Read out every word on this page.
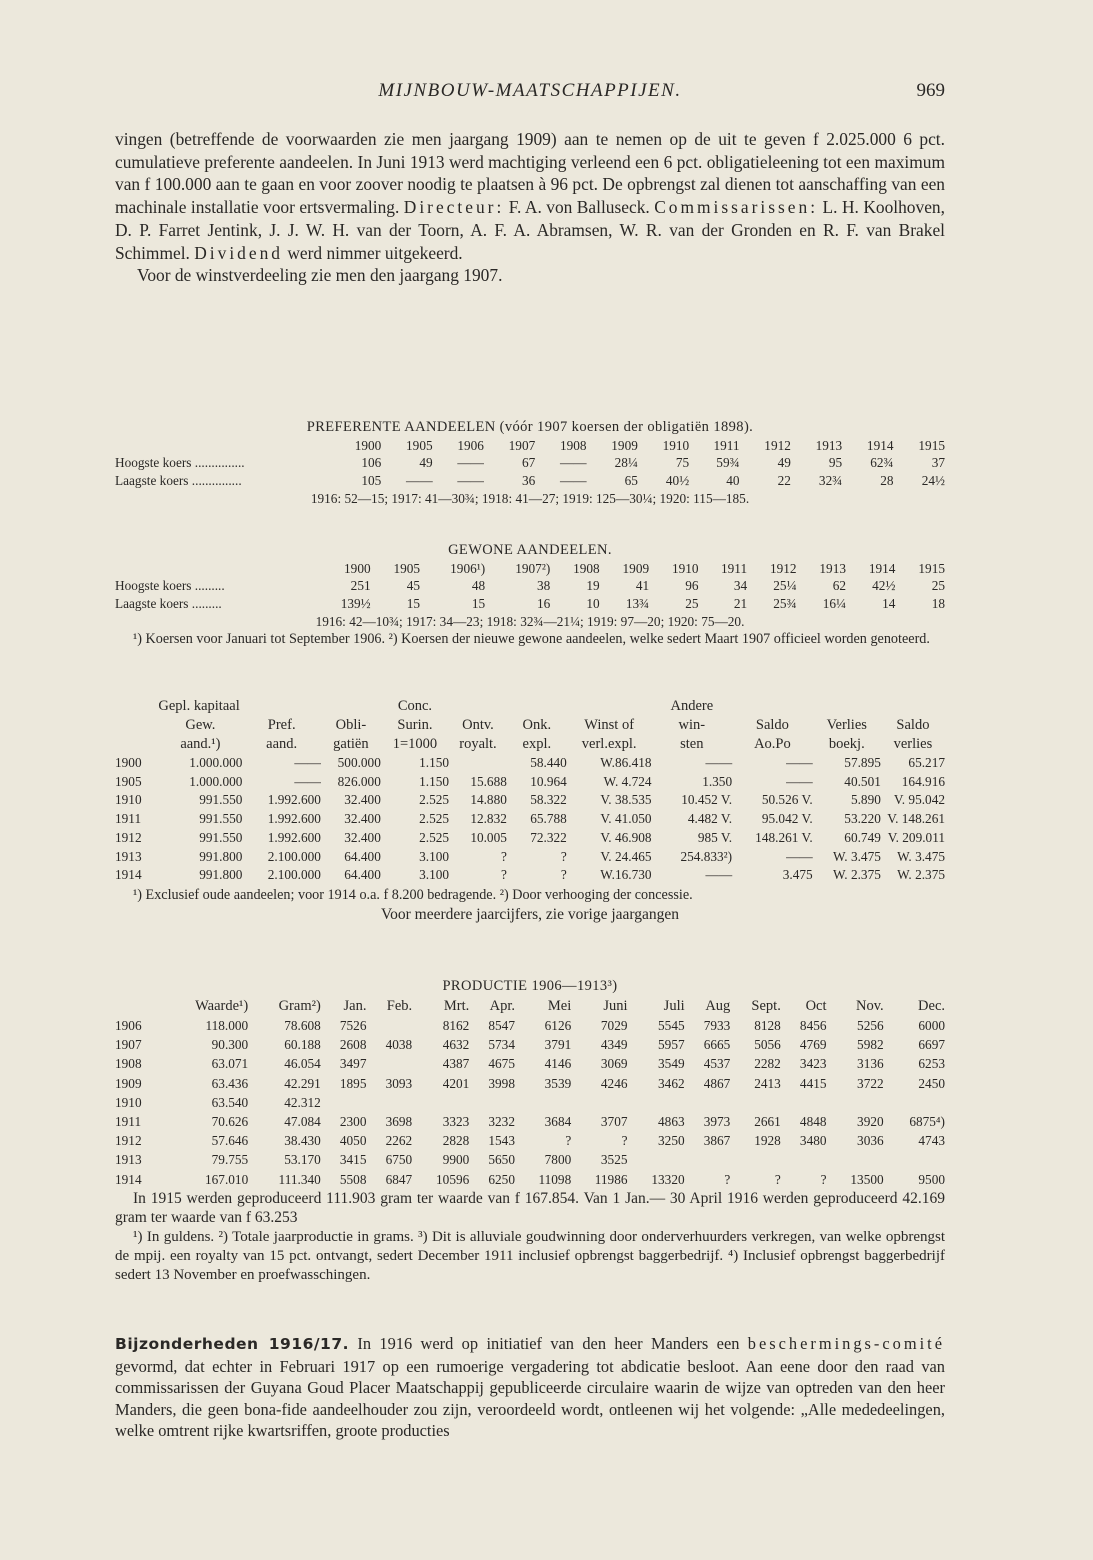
MIJNBOUW-MAATSCHAPPIJEN.	969

vingen (betreffende de voorwaarden zie men jaargang 1909) aan te nemen op de uit te geven f 2.025.000 6 pct. cumulatieve preferente aandeelen. In Juni 1913 werd machtiging verleend een 6 pct. obligatieleening tot een maximum van f 100.000 aan te gaan en voor zoover noodig te plaatsen à 96 pct. De opbrengst zal dienen tot aanschaffing van een machinale installatie voor ertsvermaling. Directeur: F. A. von Balluseck. Commissarissen: L. H. Koolhoven, D. P. Farret Jentink, J. J. W. H. van der Toorn, A. F. A. Abramsen, W. R. van der Gronden en R. F. van Brakel Schimmel. Dividend werd nimmer uitgekeerd.

Voor de winstverdeeling zie men den jaargang 1907.

PREFERENTE AANDEELEN (vóór 1907 koersen der obligatiën 1898).
	1900	1905	1906	1907	1908	1909	1910	1911	1912	1913	1914	1915
Hoogste koers ...............	106	49	——	67	——	28¼	75	59¾	49	95	62¾	37
Laagste koers ...............	105	——	——	36	——	65	40½	40	22	32¾	28	24½
1916: 52—15; 1917: 41—30¾; 1918: 41—27; 1919: 125—30¼; 1920: 115—185.
GEWONE AANDEELEN.
	1900	1905	1906¹)	1907²)	1908	1909	1910	1911	1912	1913	1914	1915
Hoogste koers .........	251	45	48	38	19	41	96	34	25¼	62	42½	25
Laagste koers .........	139½	15	15	16	10	13¾	25	21	25¾	16¼	14	18
1916: 42—10¾; 1917: 34—23; 1918: 32¾—21¼; 1919: 97—20; 1920: 75—20.
¹) Koersen voor Januari tot September 1906. ²) Koersen der nieuwe gewone aandeelen, welke sedert Maart 1907 officieel worden genoteerd.
	Gepl. kapitaal			Conc.				Andere			
	Gew.	Pref.	Obli-	Surin.	Ontv.	Onk.	Winst of	win-	Saldo	Verlies	Saldo
	aand.¹)	aand.	gatiën	1=1000	royalt.	expl.	verl.expl.	sten	Ao.Po	boekj.	verlies
1900	1.000.000	——	500.000	1.150		58.440	W.86.418	——	——	57.895	65.217
1905	1.000.000	——	826.000	1.150	15.688	10.964	W. 4.724	1.350	——	40.501	164.916
1910	991.550	1.992.600	32.400	2.525	14.880	58.322	V. 38.535	10.452 V.	50.526 V.	5.890	V. 95.042
1911	991.550	1.992.600	32.400	2.525	12.832	65.788	V. 41.050	4.482 V.	95.042 V.	53.220	V. 148.261
1912	991.550	1.992.600	32.400	2.525	10.005	72.322	V. 46.908	985 V.	148.261 V.	60.749	V. 209.011
1913	991.800	2.100.000	64.400	3.100	?	?	V. 24.465	254.833²)	——	W. 3.475	W. 3.475
1914	991.800	2.100.000	64.400	3.100	?	?	W.16.730	——	3.475	W. 2.375	W. 2.375
¹) Exclusief oude aandeelen; voor 1914 o.a. f 8.200 bedragende. ²) Door verhooging der concessie.
Voor meerdere jaarcijfers, zie vorige jaargangen
PRODUCTIE 1906—1913³)
	Waarde¹)	Gram²)	Jan.	Feb.	Mrt.	Apr.	Mei	Juni	Juli	Aug	Sept.	Oct	Nov.	Dec.
1906	118.000	78.608	7526		8162	8547	6126	7029	5545	7933	8128	8456	5256	6000
1907	90.300	60.188	2608	4038	4632	5734	3791	4349	5957	6665	5056	4769	5982	6697
1908	63.071	46.054	3497		4387	4675	4146	3069	3549	4537	2282	3423	3136	6253
1909	63.436	42.291	1895	3093	4201	3998	3539	4246	3462	4867	2413	4415	3722	2450
1910	63.540	42.312												
1911	70.626	47.084	2300	3698	3323	3232	3684	3707	4863	3973	2661	4848	3920	6875⁴)
1912	57.646	38.430	4050	2262	2828	1543	?	?	3250	3867	1928	3480	3036	4743
1913	79.755	53.170	3415	6750	9900	5650	7800	3525						
1914	167.010	111.340	5508	6847	10596	6250	11098	11986	13320	?	?	?	13500	9500
In 1915 werden geproduceerd 111.903 gram ter waarde van f 167.854. Van 1 Jan.— 30 April 1916 werden geproduceerd 42.169 gram ter waarde van f 63.253
¹) In guldens. ²) Totale jaarproductie in grams. ³) Dit is alluviale goudwinning door onderverhuurders verkregen, van welke opbrengst de mpij. een royalty van 15 pct. ontvangt, sedert December 1911 inclusief opbrengst baggerbedrijf. ⁴) Inclusief opbrengst baggerbedrijf sedert 13 November en proefwasschingen.

Bijzonderheden 1916/17. In 1916 werd op initiatief van den heer Manders een beschermings-comité gevormd, dat echter in Februari 1917 op een rumoerige vergadering tot abdicatie besloot. Aan eene door den raad van commissarissen der Guyana Goud Placer Maatschappij gepubliceerde circulaire waarin de wijze van optreden van den heer Manders, die geen bona-fide aandeelhouder zou zijn, veroordeeld wordt, ontleenen wij het volgende: „Alle mededeelingen, welke omtrent rijke kwartsriffen, groote producties
